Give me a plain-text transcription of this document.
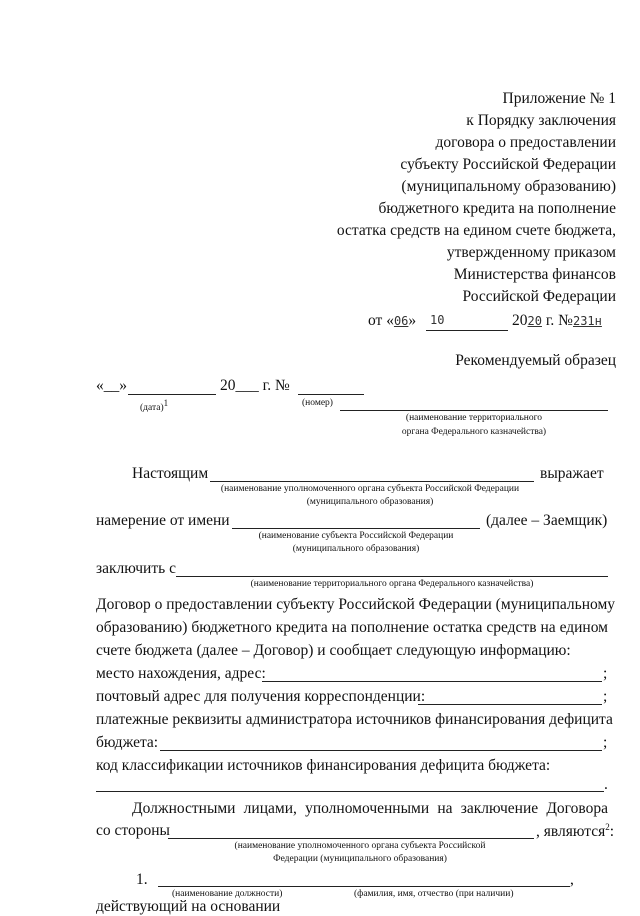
Приложение № 1
к Порядку заключения
договора о предоставлении
субъекту Российской Федерации
(муниципальному образованию)
бюджетного кредита на пополнение
остатка средств на едином счете бюджета,
утвержденному приказом
Министерства финансов
Российской Федерации
от «06» 10	2020 г. №231н
Рекомендуемый образец
«__»	20___ г. №
(дата)$^1$	(номер)
(наименование территориального
органа Федерального казначейства)
Настоящим	выражает
(наименование уполномоченного органа субъекта Российской Федерации
(муниципального образования)
намерение от имени	(далее – Заемщик)
(наименование субъекта Российской Федерации
(муниципального образования)
заключить с
(наименование территориального органа Федерального казначейства)
Договор о предоставлении субъекту Российской Федерации (муниципальному
образованию) бюджетного кредита на пополнение остатка средств на едином
счете бюджета (далее – Договор) и сообщает следующую информацию:
место нахождения, адрес:	;
почтовый адрес для получения корреспонденции:	;
платежные реквизиты администратора источников финансирования дефицита
бюджета:	;
код классификации источников финансирования дефицита бюджета:
.
Должностными лицами, уполномоченными на заключение Договора
со стороны	, являются$^2$:
(наименование уполномоченного органа субъекта Российской
Федерации (муниципального образования)
1.	,
(наименование должности)	(фамилия, имя, отчество (при наличии)
действующий на основании
